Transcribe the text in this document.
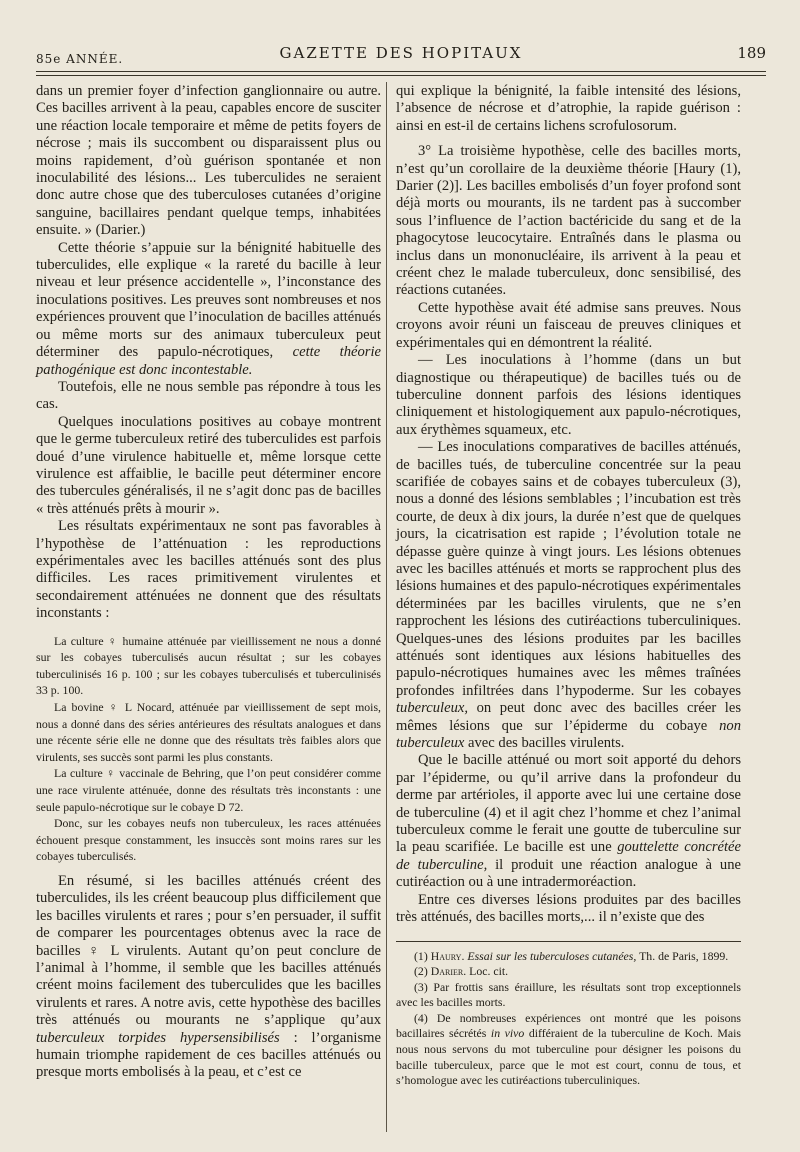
85e ANNÉE.	GAZETTE DES HOPITAUX	189

dans un premier foyer d’infection ganglionnaire ou autre. Ces bacilles arrivent à la peau, capables encore de susciter une réaction locale temporaire et même de petits foyers de nécrose ; mais ils succombent ou disparaissent plus ou moins rapidement, d’où guérison spontanée et non inoculabilité des lésions... Les tuberculides ne seraient donc autre chose que des tuberculoses cutanées d’origine sanguine, bacillaires pendant quelque temps, inhabitées ensuite. » (Darier.)

Cette théorie s’appuie sur la bénignité habituelle des tuberculides, elle explique « la rareté du bacille à leur niveau et leur présence accidentelle », l’inconstance des inoculations positives. Les preuves sont nombreuses et nos expériences prouvent que l’inoculation de bacilles atténués ou même morts sur des animaux tuberculeux peut déterminer des papulo-nécrotiques, cette théorie pathogénique est donc incontestable.

Toutefois, elle ne nous semble pas répondre à tous les cas.

Quelques inoculations positives au cobaye montrent que le germe tuberculeux retiré des tuberculides est parfois doué d’une virulence habituelle et, même lorsque cette virulence est affaiblie, le bacille peut déterminer encore des tubercules généralisés, il ne s’agit donc pas de bacilles « très atténués prêts à mourir ».

Les résultats expérimentaux ne sont pas favorables à l’hypothèse de l’atténuation : les reproductions expérimentales avec les bacilles atténués sont des plus difficiles. Les races primitivement virulentes et secondairement atténuées ne donnent que des résultats inconstants :

La culture ♀ humaine atténuée par vieillissement ne nous a donné sur les cobayes tuberculisés aucun résultat ; sur les cobayes tuberculinisés 16 p. 100 ; sur les cobayes tuberculisés et tuberculinisés 33 p. 100.

La bovine ♀ L Nocard, atténuée par vieillissement de sept mois, nous a donné dans des séries antérieures des résultats analogues et dans une récente série elle ne donne que des résultats très faibles alors que virulents, ses succès sont parmi les plus constants.

La culture ♀ vaccinale de Behring, que l’on peut considérer comme une race virulente atténuée, donne des résultats très inconstants : une seule papulo-nécrotique sur le cobaye D 72.

Donc, sur les cobayes neufs non tuberculeux, les races atténuées échouent presque constamment, les insuccès sont moins rares sur les cobayes tuberculisés.

En résumé, si les bacilles atténués créent des tuberculides, ils les créent beaucoup plus difficilement que les bacilles virulents et rares ; pour s’en persuader, il suffit de comparer les pourcentages obtenus avec la race de bacilles ♀ L virulents. Autant qu’on peut conclure de l’animal à l’homme, il semble que les bacilles atténués créent moins facilement des tuberculides que les bacilles virulents et rares. A notre avis, cette hypothèse des bacilles très atténués ou mourants ne s’applique qu’aux tuberculeux torpides hypersensibilisés : l’organisme humain triomphe rapidement de ces bacilles atténués ou presque morts embolisés à la peau, et c’est ce

qui explique la bénignité, la faible intensité des lésions, l’absence de nécrose et d’atrophie, la rapide guérison : ainsi en est-il de certains lichens scrofulosorum.

3° La troisième hypothèse, celle des bacilles morts, n’est qu’un corollaire de la deuxième théorie [Haury (1), Darier (2)]. Les bacilles embolisés d’un foyer profond sont déjà morts ou mourants, ils ne tardent pas à succomber sous l’influence de l’action bactéricide du sang et de la phagocytose leucocytaire. Entraînés dans le plasma ou inclus dans un mononucléaire, ils arrivent à la peau et créent chez le malade tuberculeux, donc sensibilisé, des réactions cutanées.

Cette hypothèse avait été admise sans preuves. Nous croyons avoir réuni un faisceau de preuves cliniques et expérimentales qui en démontrent la réalité.

— Les inoculations à l’homme (dans un but diagnostique ou thérapeutique) de bacilles tués ou de tuberculine donnent parfois des lésions identiques cliniquement et histologiquement aux papulo-nécrotiques, aux érythèmes squameux, etc.

— Les inoculations comparatives de bacilles atténués, de bacilles tués, de tuberculine concentrée sur la peau scarifiée de cobayes sains et de cobayes tuberculeux (3), nous a donné des lésions semblables ; l’incubation est très courte, de deux à dix jours, la durée n’est que de quelques jours, la cicatrisation est rapide ; l’évolution totale ne dépasse guère quinze à vingt jours. Les lésions obtenues avec les bacilles atténués et morts se rapprochent plus des lésions humaines et des papulo-nécrotiques expérimentales déterminées par les bacilles virulents, que ne s’en rapprochent les lésions des cutiréactions tuberculiniques. Quelques-unes des lésions produites par les bacilles atténués sont identiques aux lésions habituelles des papulo-nécrotiques humaines avec les mêmes traînées profondes infiltrées dans l’hypoderme. Sur les cobayes tuberculeux, on peut donc avec des bacilles créer les mêmes lésions que sur l’épiderme du cobaye non tuberculeux avec des bacilles virulents.

Que le bacille atténué ou mort soit apporté du dehors par l’épiderme, ou qu’il arrive dans la profondeur du derme par artérioles, il apporte avec lui une certaine dose de tuberculine (4) et il agit chez l’homme et chez l’animal tuberculeux comme le ferait une goutte de tuberculine sur la peau scarifiée. Le bacille est une gouttelette concrétée de tuberculine, il produit une réaction analogue à une cutiréaction ou à une intradermoréaction.

Entre ces diverses lésions produites par des bacilles très atténués, des bacilles morts,... il n’existe que des

(1) Haury. Essai sur les tuberculoses cutanées, Th. de Paris, 1899.

(2) Darier. Loc. cit.

(3) Par frottis sans éraillure, les résultats sont trop exceptionnels avec les bacilles morts.

(4) De nombreuses expériences ont montré que les poisons bacillaires sécrétés in vivo différaient de la tuberculine de Koch. Mais nous nous servons du mot tuberculine pour désigner les poisons du bacille tuberculeux, parce que le mot est court, connu de tous, et s’homologue avec les cutiréactions tuberculiniques.
